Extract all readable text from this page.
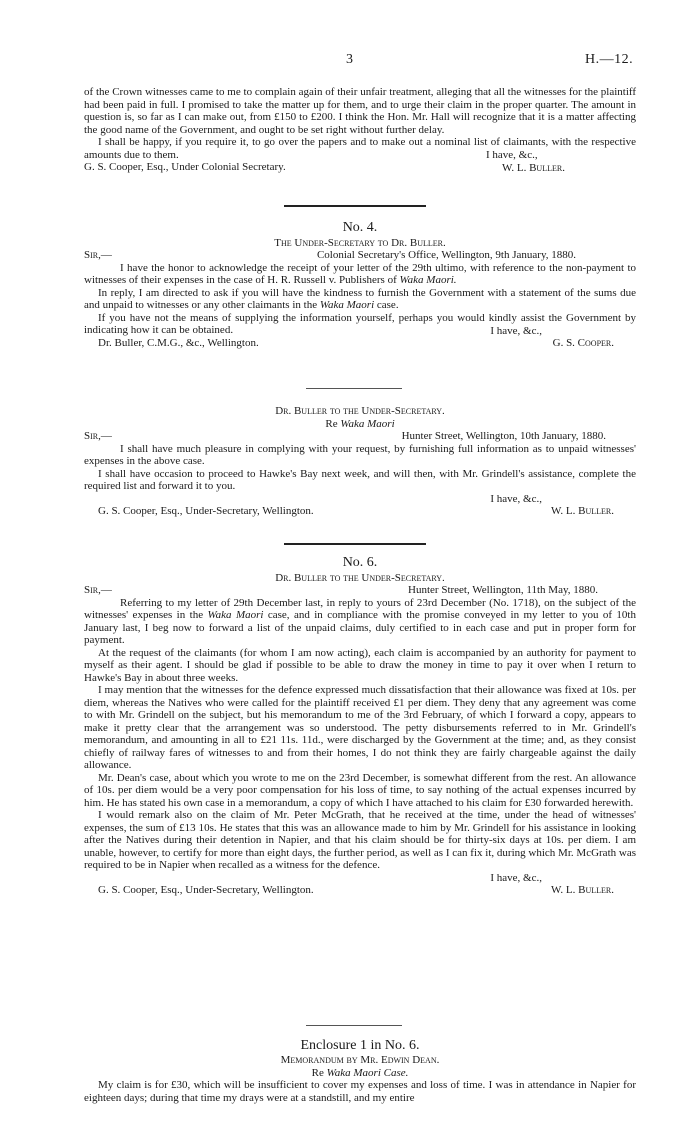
3	H.—12.

of the Crown witnesses came to me to complain again of their unfair treatment, alleging that all the witnesses for the plaintiff had been paid in full. I promised to take the matter up for them, and to urge their claim in the proper quarter. The amount in question is, so far as I can make out, from £150 to £200. I think the Hon. Mr. Hall will recognize that it is a matter affecting the good name of the Government, and ought to be set right without further delay.

I shall be happy, if you require it, to go over the papers and to make out a nominal list of claimants, with the respective amounts due to them.

G. S. Cooper, Esq., Under Colonial Secretary.
I have, &c.,
W. L. Buller.
No. 4.
The Under-Secretary to Dr. Buller.
Sir,—	Colonial Secretary's Office, Wellington, 9th January, 1880.

I have the honor to acknowledge the receipt of your letter of the 29th ultimo, with reference to the non-payment to witnesses of their expenses in the case of H. R. Russell v. Publishers of Waka Maori.

In reply, I am directed to ask if you will have the kindness to furnish the Government with a statement of the sums due and unpaid to witnesses or any other claimants in the Waka Maori case.

If you have not the means of supplying the information yourself, perhaps you would kindly assist the Government by indicating how it can be obtained.	I have, &c.,
Dr. Buller, C.M.G., &c., Wellington.	G. S. Cooper.
Dr. Buller to the Under-Secretary.
Re Waka Maori
Sir,—	Hunter Street, Wellington, 10th January, 1880.

I shall have much pleasure in complying with your request, by furnishing full information as to unpaid witnesses' expenses in the above case.

I shall have occasion to proceed to Hawke's Bay next week, and will then, with Mr. Grindell's assistance, complete the required list and forward it to you.

I have, &c.,
G. S. Cooper, Esq., Under-Secretary, Wellington.	W. L. Buller.
No. 6.
Dr. Buller to the Under-Secretary.
Sir,—	Hunter Street, Wellington, 11th May, 1880.

Referring to my letter of 29th December last, in reply to yours of 23rd December (No. 1718), on the subject of the witnesses' expenses in the Waka Maori case, and in compliance with the promise conveyed in my letter to you of 10th January last, I beg now to forward a list of the unpaid claims, duly certified to in each case and put in proper form for payment.

At the request of the claimants (for whom I am now acting), each claim is accompanied by an authority for payment to myself as their agent. I should be glad if possible to be able to draw the money in time to pay it over when I return to Hawke's Bay in about three weeks.

I may mention that the witnesses for the defence expressed much dissatisfaction that their allowance was fixed at 10s. per diem, whereas the Natives who were called for the plaintiff received £1 per diem. They deny that any agreement was come to with Mr. Grindell on the subject, but his memorandum to me of the 3rd February, of which I forward a copy, appears to make it pretty clear that the arrangement was so understood. The petty disbursements referred to in Mr. Grindell's memorandum, and amounting in all to £21 11s. 11d., were discharged by the Government at the time; and, as they consist chiefly of railway fares of witnesses to and from their homes, I do not think they are fairly chargeable against the daily allowance.

Mr. Dean's case, about which you wrote to me on the 23rd December, is somewhat different from the rest. An allowance of 10s. per diem would be a very poor compensation for his loss of time, to say nothing of the actual expenses incurred by him. He has stated his own case in a memorandum, a copy of which I have attached to his claim for £30 forwarded herewith.

I would remark also on the claim of Mr. Peter McGrath, that he received at the time, under the head of witnesses' expenses, the sum of £13 10s. He states that this was an allowance made to him by Mr. Grindell for his assistance in looking after the Natives during their detention in Napier, and that his claim should be for thirty-six days at 10s. per diem. I am unable, however, to certify for more than eight days, the further period, as well as I can fix it, during which Mr. McGrath was required to be in Napier when recalled as a witness for the defence.

I have, &c.,
G. S. Cooper, Esq., Under-Secretary, Wellington.	W. L. Buller.
Enclosure 1 in No. 6.
Memorandum by Mr. Edwin Dean.
Re Waka Maori Case.

My claim is for £30, which will be insufficient to cover my expenses and loss of time. I was in attendance in Napier for eighteen days; during that time my drays were at a standstill, and my entire
